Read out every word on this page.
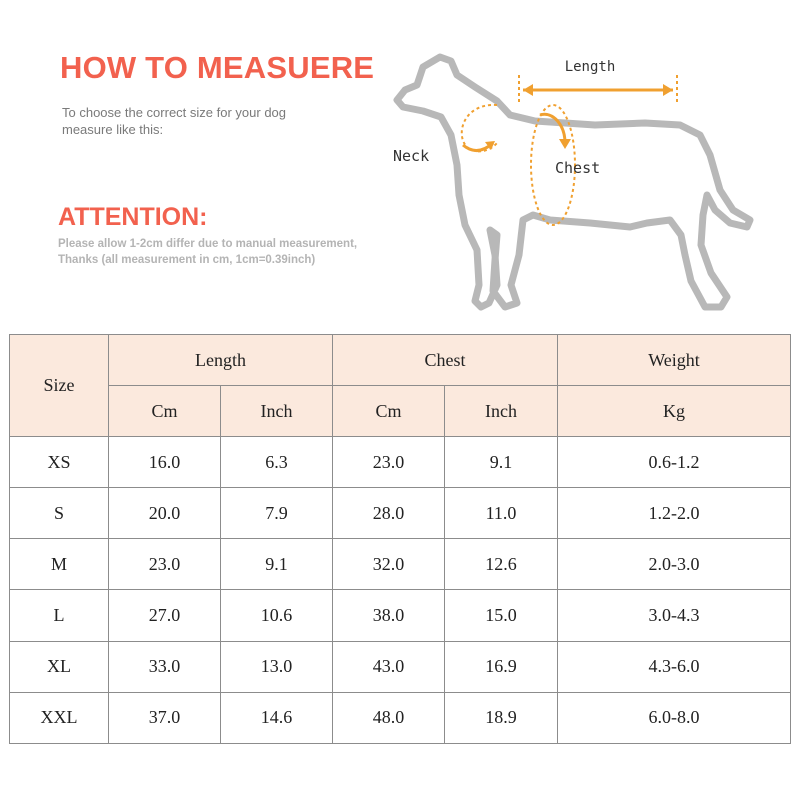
HOW TO MEASUERE
To choose the correct size for your dog
measure like this:
ATTENTION:
Please allow 1-2cm differ due to manual measurement,
Thanks (all measurement in cm, 1cm=0.39inch)
Length
Neck
Chest
Size	Length		Chest		Weight
	Cm	Inch	Cm	Inch	Kg
XS	16.0	6.3	23.0	9.1	0.6-1.2
S	20.0	7.9	28.0	11.0	1.2-2.0
M	23.0	9.1	32.0	12.6	2.0-3.0
L	27.0	10.6	38.0	15.0	3.0-4.3
XL	33.0	13.0	43.0	16.9	4.3-6.0
XXL	37.0	14.6	48.0	18.9	6.0-8.0
